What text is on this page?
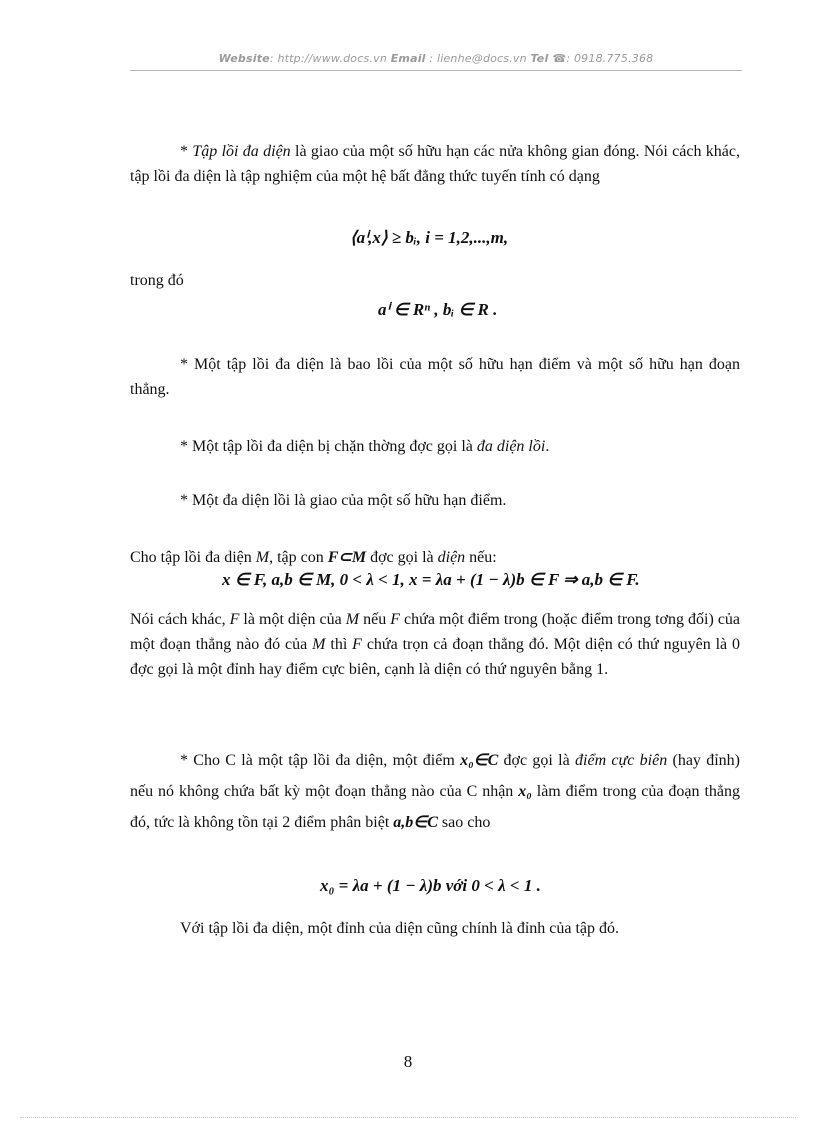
Website: http://www.docs.vn Email : lienhe@docs.vn Tel ☎: 0918.775.368
* Tập lồi đa diện là giao của một số hữu hạn các nửa không gian đóng. Nói cách khác, tập lồi đa diện là tập nghiệm của một hệ bất đẳng thức tuyến tính có dạng
⟨aⁱ,x⟩ ≥ bᵢ, i = 1,2,...,m,
trong đó
aⁱ ∈ Rⁿ , bᵢ ∈ R .
* Một tập lồi đa diện là bao lồi của một số hữu hạn điểm và một số hữu hạn đoạn thẳng.
* Một tập lồi đa diện bị chặn thờng đợc gọi là đa diện lồi.
* Một đa diện lồi là giao của một số hữu hạn điểm.
Cho tập lồi đa diện M, tập con F⊂M đợc gọi là diện nếu:
x ∈ F, a,b ∈ M, 0 < λ < 1, x = λa + (1 − λ)b ∈ F ⇒ a,b ∈ F.
Nói cách khác, F là một diện của M nếu F chứa một điểm trong (hoặc điểm trong tơng đối) của một đoạn thẳng nào đó của M thì F chứa trọn cả đoạn thẳng đó. Một diện có thứ nguyên là 0 đợc gọi là một đỉnh hay điểm cực biên, cạnh là diện có thứ nguyên bằng 1.
* Cho C là một tập lồi đa diện, một điểm x₀∈C đợc gọi là điểm cực biên (hay đỉnh) nếu nó không chứa bất kỳ một đoạn thẳng nào của C nhận x₀ làm điểm trong của đoạn thẳng đó, tức là không tồn tại 2 điểm phân biệt a,b∈C sao cho
x₀ = λa + (1 − λ)b với 0 < λ < 1 .
Với tập lồi đa diện, một đỉnh của diện cũng chính là đỉnh của tập đó.
8
